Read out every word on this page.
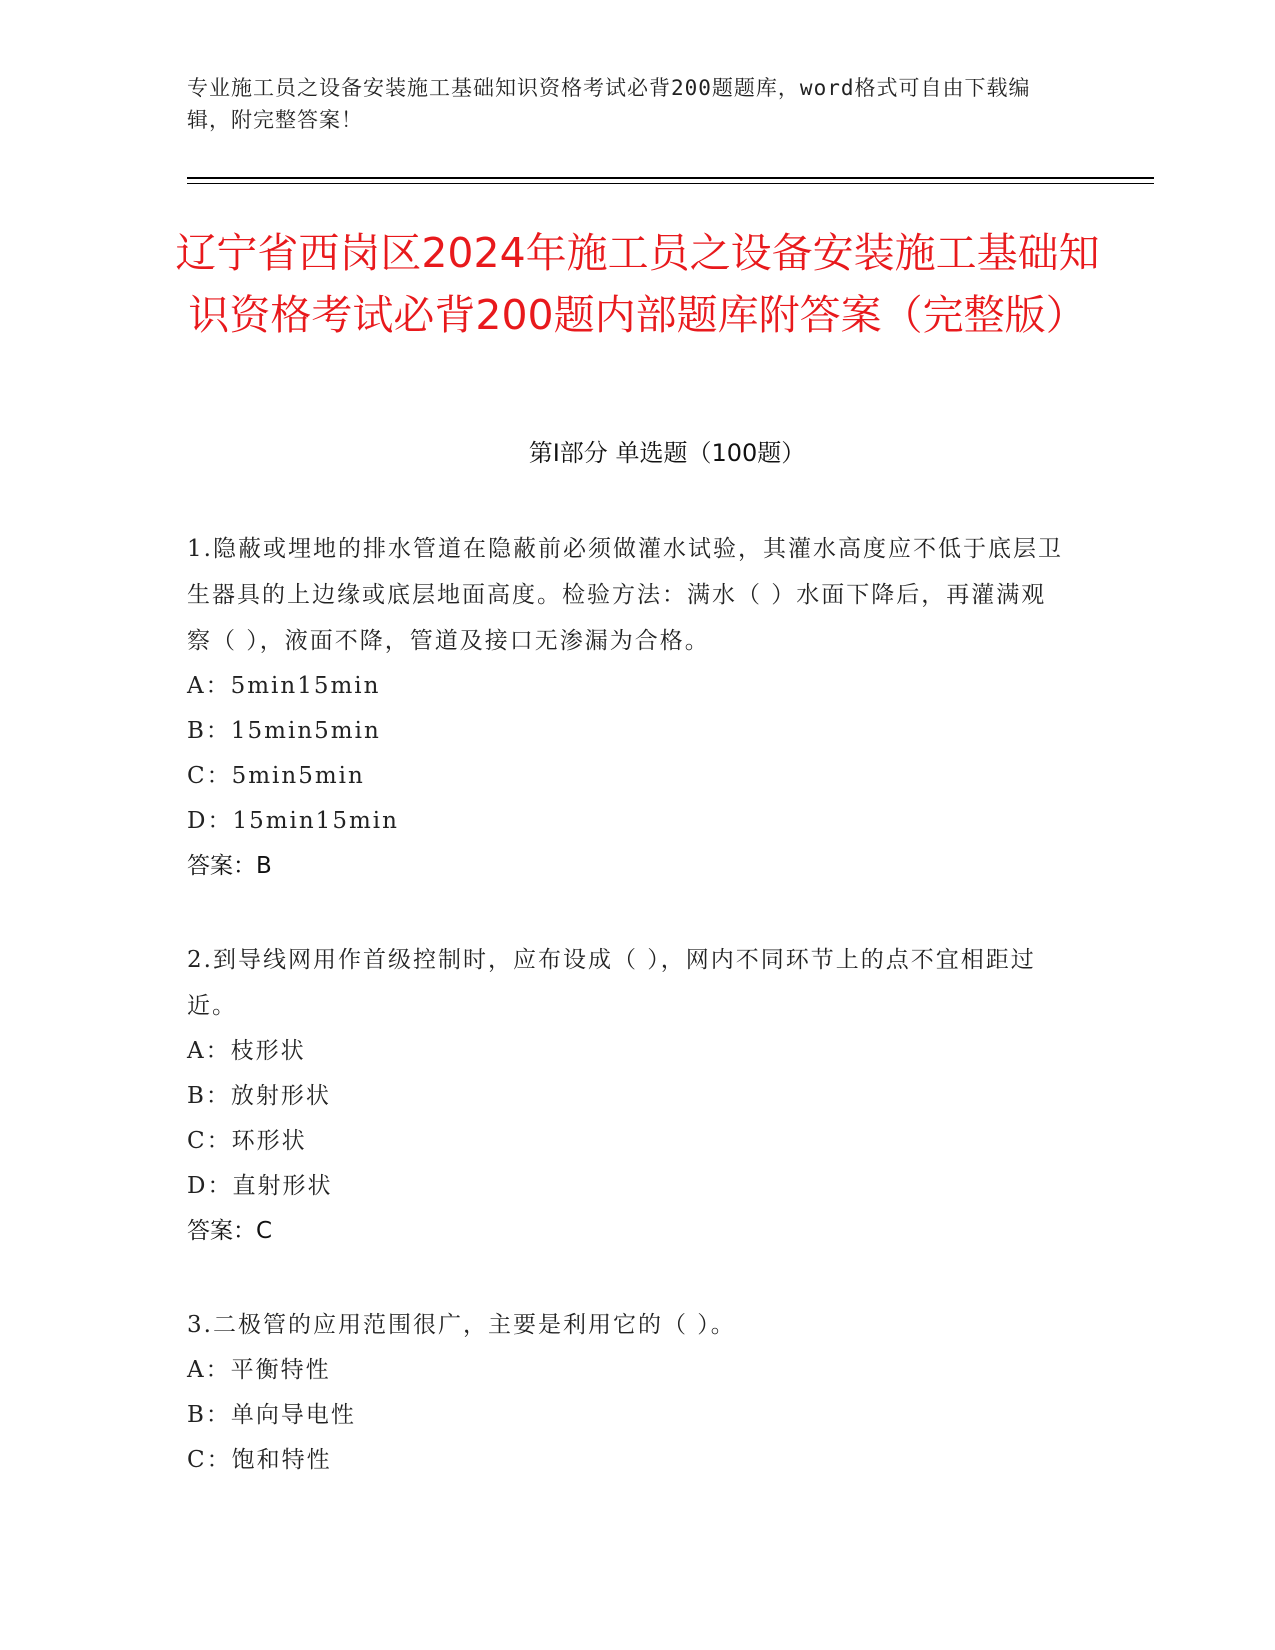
专业施工员之设备安装施工基础知识资格考试必背200题题库，word格式可自由下载编辑，附完整答案！
辽宁省西岗区2024年施工员之设备安装施工基础知识资格考试必背200题内部题库附答案（完整版）
第Ⅰ部分 单选题（100题）
1.隐蔽或埋地的排水管道在隐蔽前必须做灌水试验，其灌水高度应不低于底层卫生器具的上边缘或底层地面高度。检验方法：满水（ ）水面下降后，再灌满观察（ ），液面不降，管道及接口无渗漏为合格。
A：5min15min
B：15min5min
C：5min5min
D：15min15min
答案：B
2.到导线网用作首级控制时，应布设成（ ），网内不同环节上的点不宜相距过近。
A：枝形状
B：放射形状
C：环形状
D：直射形状
答案：C
3.二极管的应用范围很广，主要是利用它的（ ）。
A：平衡特性
B：单向导电性
C：饱和特性
